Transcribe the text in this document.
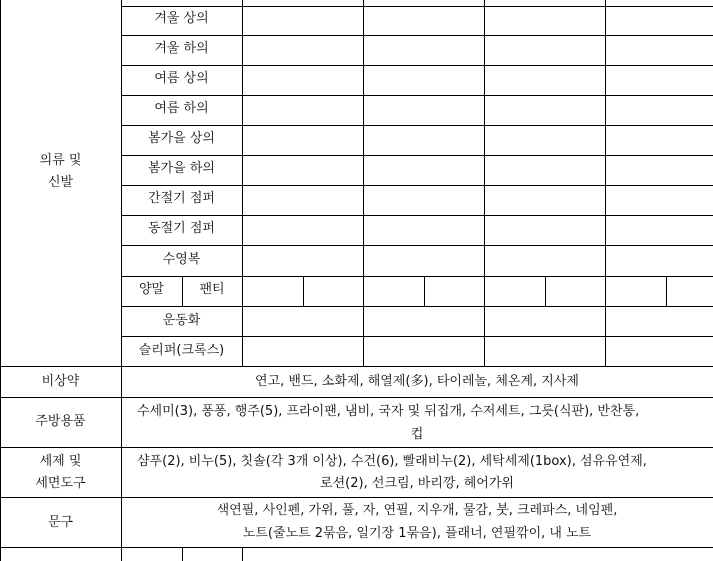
의류 및
신발
겨울 상의
겨울 하의
여름 상의
여름 하의
봄가을 상의
봄가을 하의
간절기 점퍼
동절기 점퍼
수영복
양말	팬티
운동화
슬리퍼(크록스)
비상약	연고, 밴드, 소화제, 해열제(多), 타이레놀, 체온계, 지사제
주방용품
수세미(3), 퐁퐁, 행주(5), 프라이팬, 냄비, 국자 및 뒤집개, 수저세트, 그릇(식판), 반찬통,
컵
세제 및
세면도구
샴푸(2), 비누(5), 칫솔(각 3개 이상), 수건(6), 빨래비누(2), 세탁세제(1box), 섬유유연제,
로션(2), 선크림, 바리깡, 헤어가위
문구
색연필, 사인펜, 가위, 풀, 자, 연필, 지우개, 물감, 붓, 크레파스, 네임펜,
노트(줄노트 2묶음, 일기장 1묶음), 플래너, 연필깎이, 내 노트
